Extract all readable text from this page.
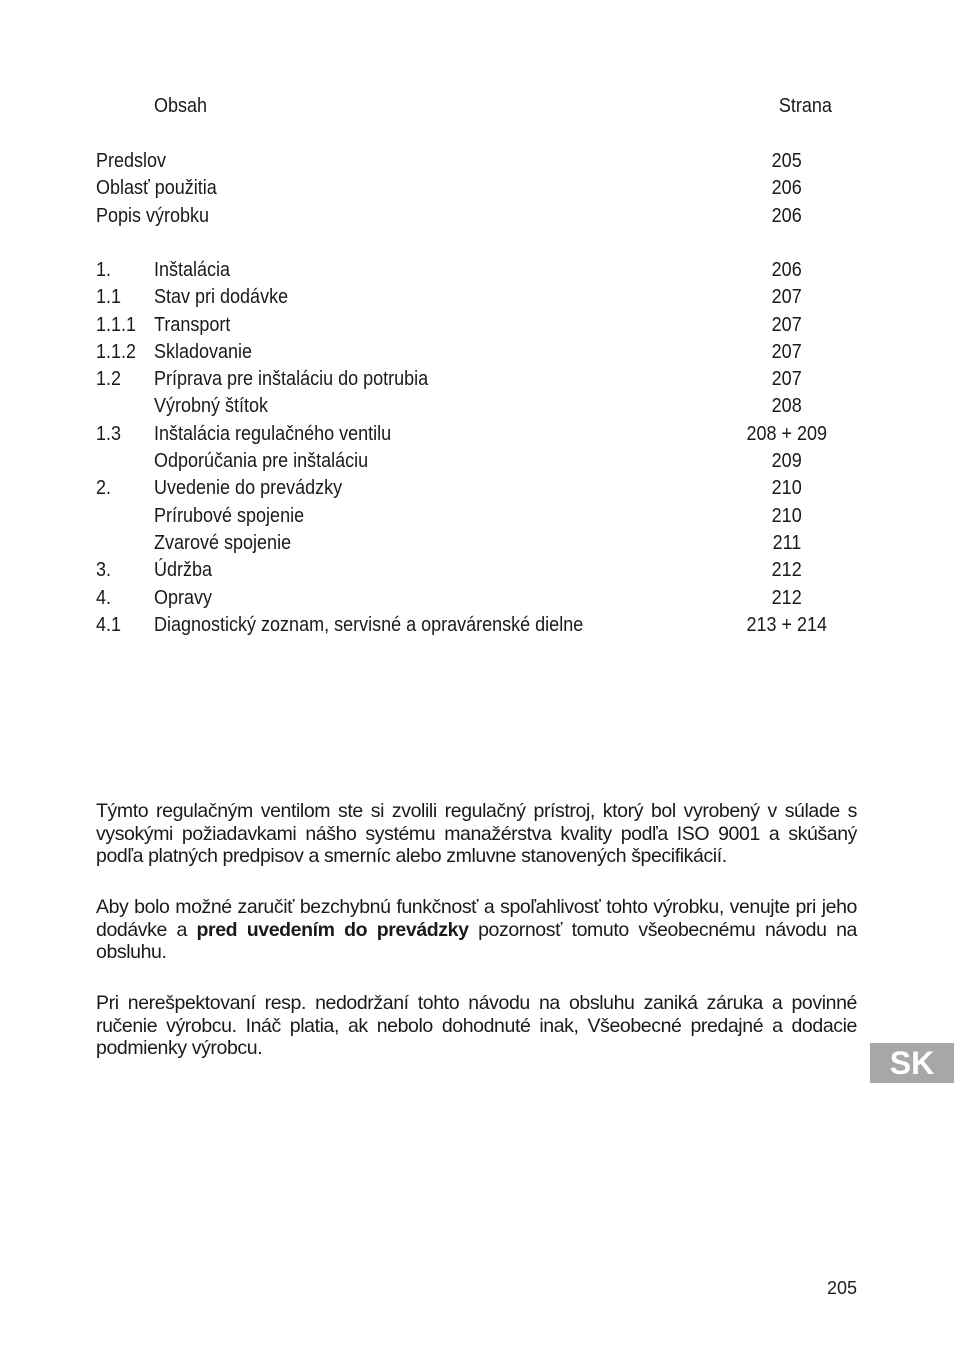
Obsah	Strana
Predslov	205
Oblasť použitia	206
Popis výrobku	206
1. Inštalácia	206
1.1 Stav pri dodávke	207
1.1.1 Transport	207
1.1.2 Skladovanie	207
1.2 Príprava pre inštaláciu do potrubia	207
Výrobný štítok	208
1.3 Inštalácia regulačného ventilu	208 + 209
Odporúčania pre inštaláciu	209
2. Uvedenie do prevádzky	210
Prírubové spojenie	210
Zvarové spojenie	211
3. Údržba	212
4. Opravy	212
4.1 Diagnostický zoznam, servisné a opravárenské dielne	213 + 214

Týmto regulačným ventilom ste si zvolili regulačný prístroj, ktorý bol vyrobený v súlade s vysokými požiadavkami nášho systému manažérstva kvality podľa ISO 9001 a skúšaný podľa platných predpisov a smerníc alebo zmluvne stanovených špecifikácií.

Aby bolo možné zaručiť bezchybnú funkčnosť a spoľahlivosť tohto výrobku, venujte pri jeho dodávke a pred uvedením do prevádzky pozornosť tomuto všeobecnému návodu na obsluhu.

Pri nerešpektovaní resp. nedodržaní tohto návodu na obsluhu zaniká záruka a povinné ručenie výrobcu. Ináč platia, ak nebolo dohodnuté inak, Všeobecné predajné a dodacie podmienky výrobcu.	SK
205
